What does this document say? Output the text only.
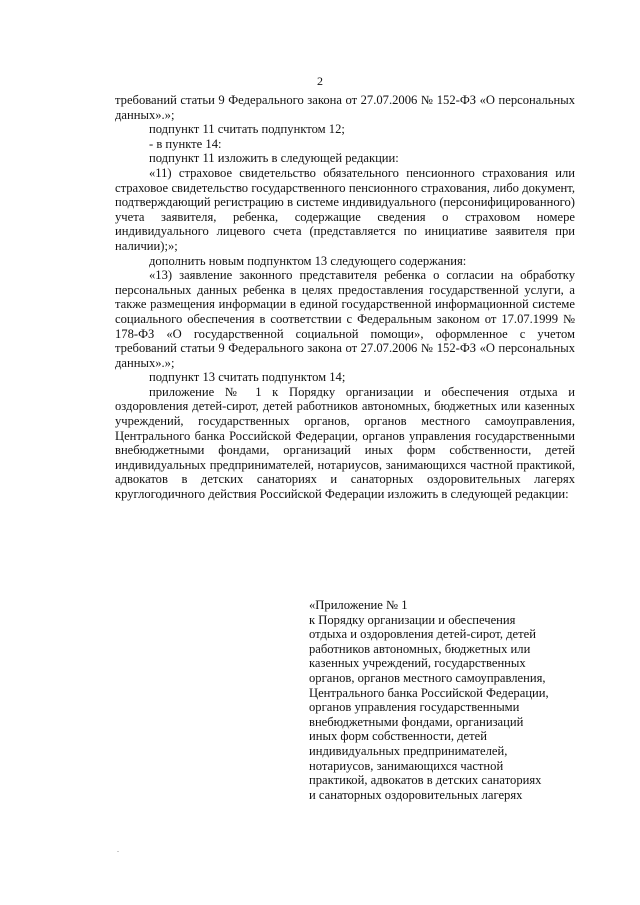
2

требований статьи 9 Федерального закона от 27.07.2006 № 152-ФЗ «О персональных данных».»;

подпункт 11 считать подпунктом 12;

- в пункте 14:

подпункт 11 изложить в следующей редакции:

«11) страховое свидетельство обязательного пенсионного страхования или страховое свидетельство государственного пенсионного страхования, либо документ, подтверждающий регистрацию в системе индивидуального (персонифицированного) учета заявителя, ребенка, содержащие сведения о страховом номере индивидуального лицевого счета (представляется по инициативе заявителя при наличии);»;

дополнить новым подпунктом 13 следующего содержания:

«13) заявление законного представителя ребенка о согласии на обработку персональных данных ребенка в целях предоставления государственной услуги, а также размещения информации в единой государственной информационной системе социального обеспечения в соответствии с Федеральным законом от 17.07.1999 № 178-ФЗ «О государственной социальной помощи», оформленное с учетом требований статьи 9 Федерального закона от 27.07.2006 № 152-ФЗ «О персональных данных».»;

подпункт 13 считать подпунктом 14;

приложение № 1 к Порядку организации и обеспечения отдыха и оздоровления детей-сирот, детей работников автономных, бюджетных или казенных учреждений, государственных органов, органов местного самоуправления, Центрального банка Российской Федерации, органов управления государственными внебюджетными фондами, организаций иных форм собственности, детей индивидуальных предпринимателей, нотариусов, занимающихся частной практикой, адвокатов в детских санаториях и санаторных оздоровительных лагерях круглогодичного действия Российской Федерации изложить в следующей редакции:

«Приложение № 1
к Порядку организации и обеспечения
отдыха и оздоровления детей-сирот, детей
работников автономных, бюджетных или
казенных учреждений, государственных
органов, органов местного самоуправления,
Центрального банка Российской Федерации,
органов управления государственными
внебюджетными фондами, организаций
иных форм собственности, детей
индивидуальных предпринимателей,
нотариусов, занимающихся частной
практикой, адвокатов в детских санаториях
и санаторных оздоровительных лагерях
.
